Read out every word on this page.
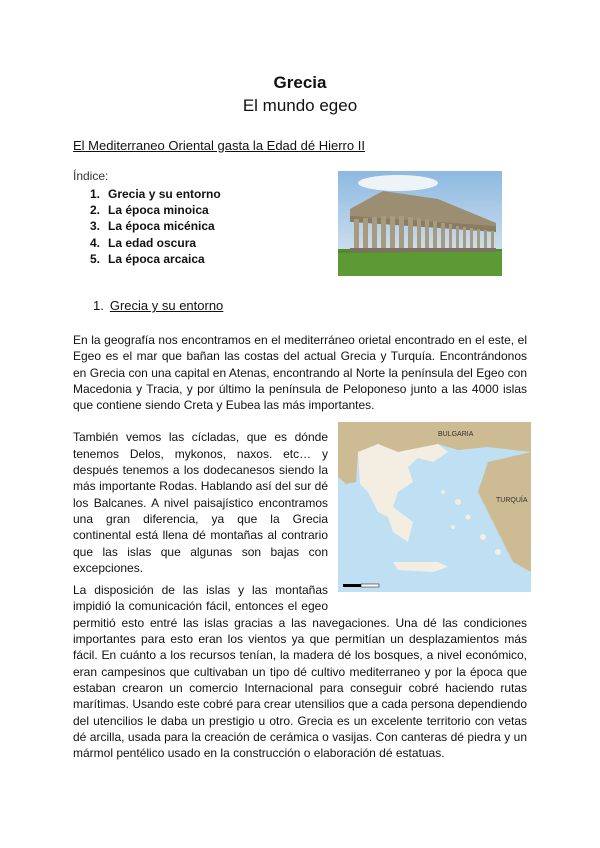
Grecia
El mundo egeo
El Mediterraneo Oriental gasta la Edad dé Hierro II
Índice:
1. Grecia y su entorno
2. La época minoica
3. La época micénica
4. La edad oscura
5. La época arcaica
1. Grecia y su entorno

En la geografía nos encontramos en el mediterráneo orietal encontrado en el este, el Egeo es el mar que bañan las costas del actual Grecia y Turquía. Encontrándonos en Grecia con una capital en Atenas, encontrando al Norte la península del Egeo con Macedonia y Tracia, y por último la península de Peloponeso junto a las 4000 islas que contiene siendo Creta y Eubea las más importantes.

BULGARIA
TURQUÍA

También vemos las cícladas, que es dónde tenemos Delos, mykonos, naxos. etc… y después tenemos a los dodecanesos siendo la más importante Rodas. Hablando así del sur dé los Balcanes. A nivel paisajístico encontramos una gran diferencia, ya que la Grecia continental está llena dé montañas al contrario que las islas que algunas son bajas con excepciones.

La disposición de las islas y las montañas impidió la comunicación fácil, entonces el egeo permitió esto entré las islas gracias a las navegaciones. Una dé las condiciones importantes para esto eran los vientos ya que permitían un desplazamientos más fácil. En cuánto a los recursos tenían, la madera dé los bosques, a nivel económico, eran campesinos que cultivaban un tipo dé cultivo mediterraneo y por la época que estaban crearon un comercio Internacional para conseguir cobré haciendo rutas marítimas. Usando este cobré para crear utensilios que a cada persona dependiendo del utencilios le daba un prestigio u otro. Grecia es un excelente territorio con vetas dé arcilla, usada para la creación de cerámica o vasijas. Con canteras dé piedra y un mármol pentélico usado en la construcción o elaboración dé estatuas.
